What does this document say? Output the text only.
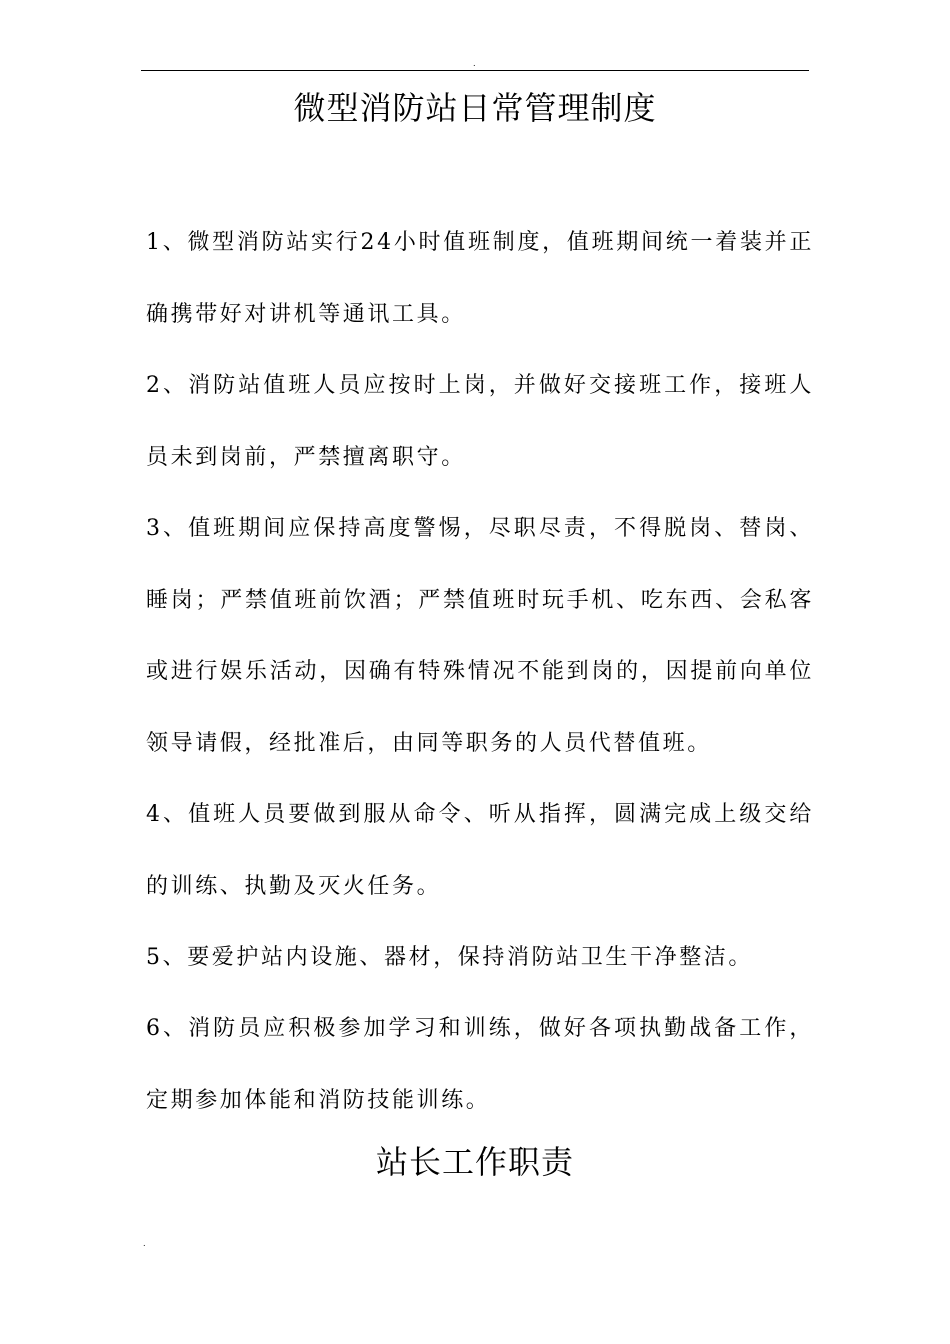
.
微型消防站日常管理制度

1、微型消防站实行24小时值班制度，值班期间统一着装并正确携带好对讲机等通讯工具。

2、消防站值班人员应按时上岗，并做好交接班工作，接班人员未到岗前，严禁擅离职守。

3、值班期间应保持高度警惕，尽职尽责，不得脱岗、替岗、睡岗；严禁值班前饮酒；严禁值班时玩手机、吃东西、会私客或进行娱乐活动，因确有特殊情况不能到岗的，因提前向单位领导请假，经批准后，由同等职务的人员代替值班。

4、值班人员要做到服从命令、听从指挥，圆满完成上级交给的训练、执勤及灭火任务。

5、要爱护站内设施、器材，保持消防站卫生干净整洁。

6、消防员应积极参加学习和训练，做好各项执勤战备工作，定期参加体能和消防技能训练。

站长工作职责
.
